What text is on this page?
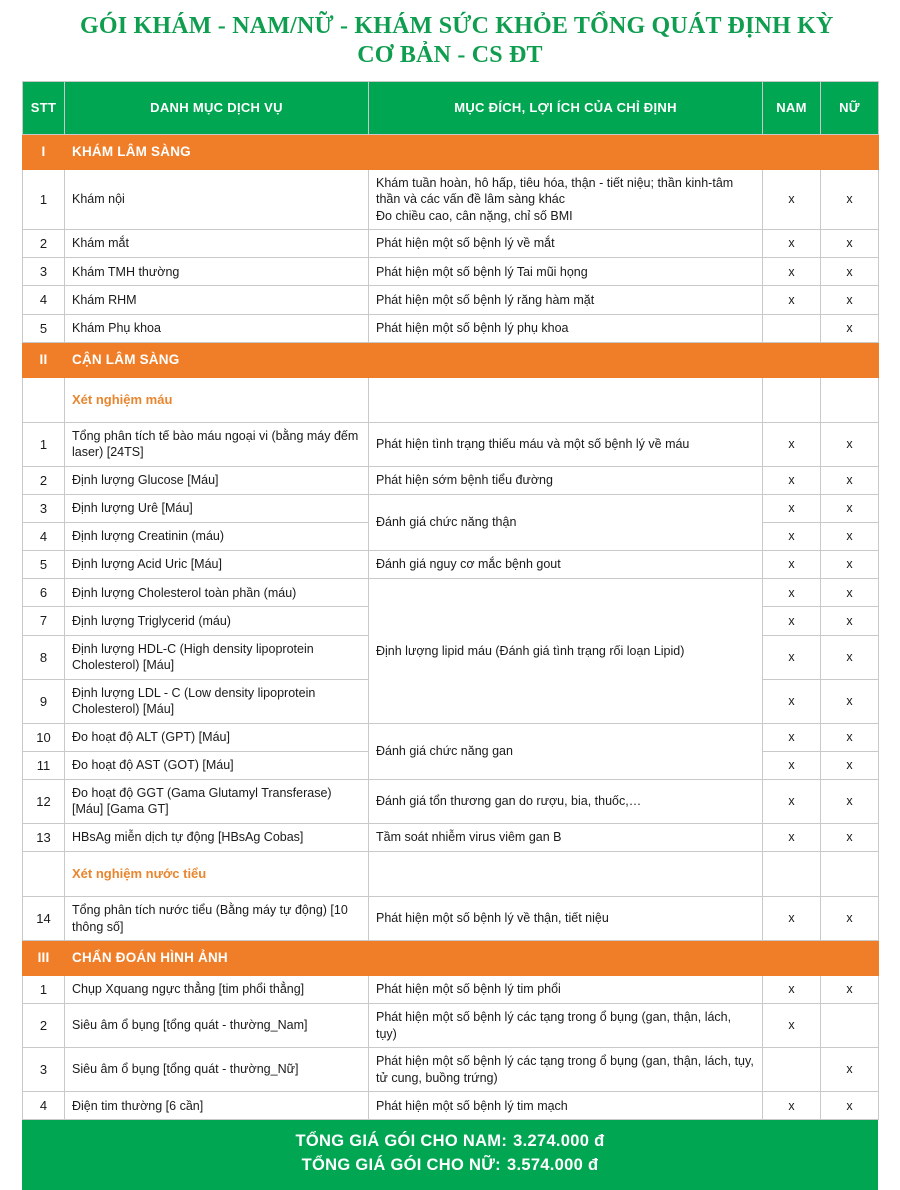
GÓI KHÁM - NAM/NỮ - KHÁM SỨC KHỎE TỔNG QUÁT ĐỊNH KỲ
CƠ BẢN - CS ĐT
STT	DANH MỤC DỊCH VỤ	MỤC ĐÍCH, LỢI ÍCH CỦA CHỈ ĐỊNH	NAM	NỮ
I	KHÁM LÂM SÀNG			
1	Khám nội	Khám tuần hoàn, hô hấp, tiêu hóa, thận - tiết niệu; thần kinh-tâm thần và các vấn đề lâm sàng khác
Đo chiều cao, cân nặng, chỉ số BMI	x	x
2	Khám mắt	Phát hiện một số bệnh lý về mắt	x	x
3	Khám TMH thường	Phát hiện một số bệnh lý Tai mũi họng	x	x
4	Khám RHM	Phát hiện một số bệnh lý răng hàm mặt	x	x
5	Khám Phụ khoa	Phát hiện một số bệnh lý phụ khoa		x
II	CẬN LÂM SÀNG			
	Xét nghiệm máu			
1	Tổng phân tích tế bào máu ngoại vi (bằng máy đếm laser) [24TS]	Phát hiện tình trạng thiếu máu và một số bệnh lý về máu	x	x
2	Định lượng Glucose [Máu]	Phát hiện sớm bệnh tiểu đường	x	x
3	Định lượng Urê [Máu]	Đánh giá chức năng thận	x	x
4	Định lượng Creatinin (máu)		x	x
5	Định lượng Acid Uric [Máu]	Đánh giá nguy cơ mắc bệnh gout	x	x
6	Định lượng Cholesterol toàn phần (máu)	Định lượng lipid máu (Đánh giá tình trạng rối loạn Lipid)	x	x
7	Định lượng Triglycerid (máu)		x	x
8	Định lượng HDL-C (High density lipoprotein Cholesterol) [Máu]		x	x
9	Định lượng LDL - C (Low density lipoprotein Cholesterol) [Máu]		x	x
10	Đo hoạt độ ALT (GPT) [Máu]	Đánh giá chức năng gan	x	x
11	Đo hoạt độ AST (GOT) [Máu]		x	x
12	Đo hoạt độ GGT (Gama Glutamyl Transferase) [Máu] [Gama GT]	Đánh giá tổn thương gan do rượu, bia, thuốc,…	x	x
13	HBsAg miễn dịch tự động [HBsAg Cobas]	Tầm soát nhiễm virus viêm gan B	x	x
	Xét nghiệm nước tiểu			
14	Tổng phân tích nước tiểu (Bằng máy tự động) [10 thông số]	Phát hiện một số bệnh lý về thận, tiết niệu	x	x
III	CHẨN ĐOÁN HÌNH ẢNH			
1	Chụp Xquang ngực thẳng [tim phổi thẳng]	Phát hiện một số bệnh lý tim phổi	x	x
2	Siêu âm ổ bụng [tổng quát - thường_Nam]	Phát hiện một số bệnh lý các tạng trong ổ bụng (gan, thận, lách, tụy)	x	
3	Siêu âm ổ bụng [tổng quát - thường_Nữ]	Phát hiện một số bệnh lý các tạng trong ổ bụng (gan, thận, lách, tụy, tử cung, buồng trứng)		x
4	Điện tim thường [6 cần]	Phát hiện một số bệnh lý tim mạch	x	x
TỔNG GIÁ GÓI CHO NAM: 3.274.000 đ
TỔNG GIÁ GÓI CHO NỮ: 3.574.000 đ
